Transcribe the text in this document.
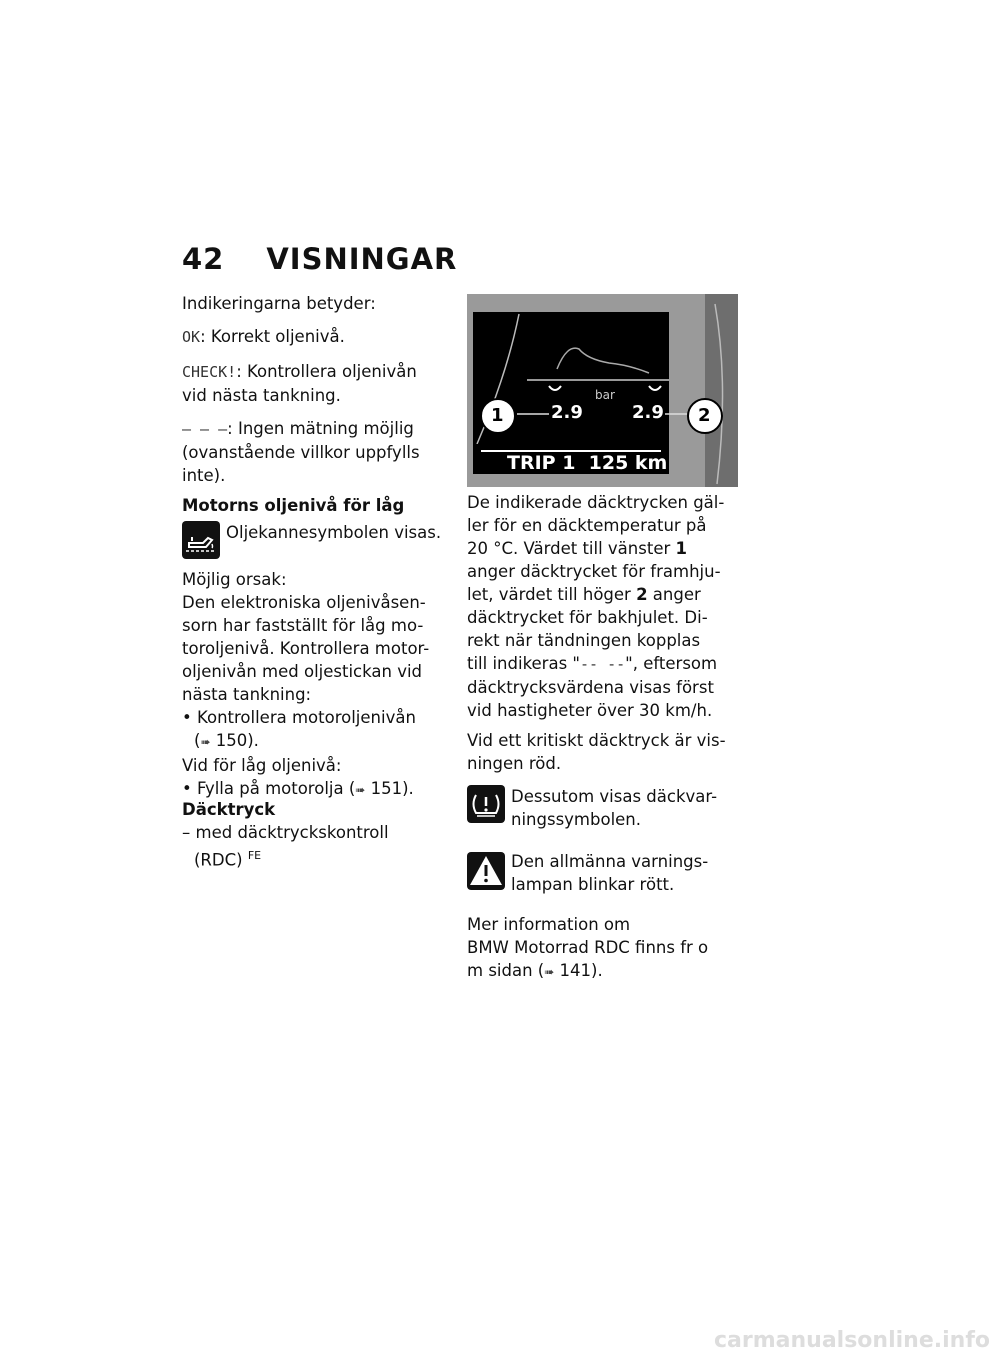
42 VISNINGAR
Indikeringarna betyder:
OK: Korrekt oljenivå.
CHECK!: Kontrollera oljenivån
vid nästa tankning.
– – –: Ingen mätning möjlig
(ovanstående villkor uppfylls
inte).
Motorns oljenivå för låg
Oljekannesymbolen visas.
Möjlig orsak:
Den elektroniska oljenivåsen-
sorn har fastställt för låg mo-
toroljenivå. Kontrollera motor-
oljenivån med oljestickan vid
nästa tankning:
• Kontrollera motoroljenivån
(➠ 150).
Vid för låg oljenivå:
• Fylla på motorolja (➠ 151).
Däcktryck
– med däcktryckskontroll
(RDC) $^{FE}$
bar
2.9	2.9
1	2
TRIP 1  125 km
De indikerade däcktrycken gäl-
ler för en däcktemperatur på
20 °C. Värdet till vänster 1
anger däcktrycket för framhju-
let, värdet till höger 2 anger
däcktrycket för bakhjulet. Di-
rekt när tändningen kopplas
till indikeras "-- --", eftersom
däcktrycksvärdena visas först
vid hastigheter över 30 km/h.
Vid ett kritiskt däcktryck är vis-
ningen röd.
Dessutom visas däckvar-
ningssymbolen.
Den allmänna varnings-
lampan blinkar rött.
Mer information om
BMW Motorrad RDC finns fr o
m sidan (➠ 141).
carmanualsonline.info
